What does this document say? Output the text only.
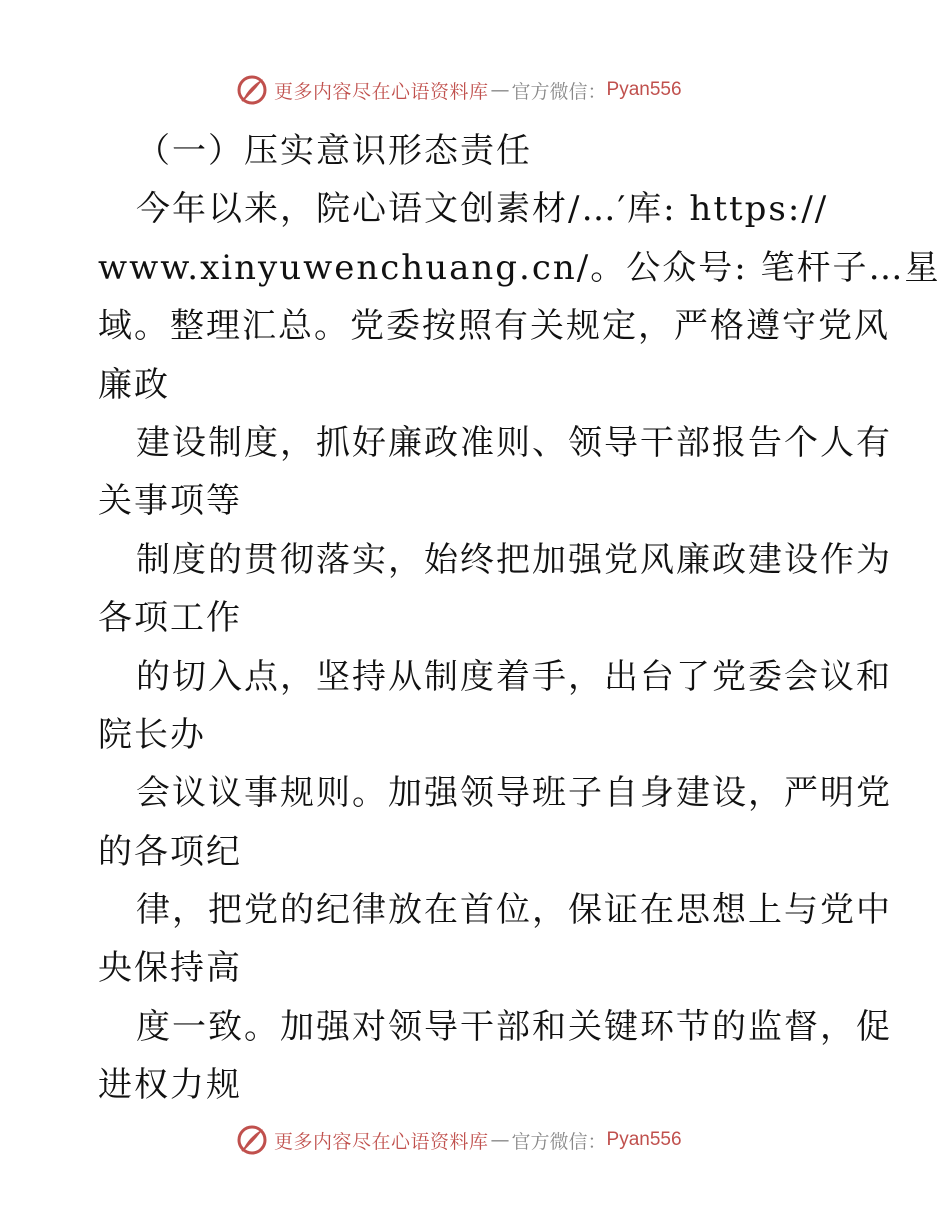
更多内容尽在心语资料库 — 官方微信： Pyan556
（一）压实意识形态责任
今年以来，院心语文创素材/…′库: https://
www.xinyuwenchuang.cn/。公众号: 笔杆子…星
域。整理汇总。党委按照有关规定，严格遵守党风
廉政
建设制度，抓好廉政准则、领导干部报告个人有
关事项等
制度的贯彻落实，始终把加强党风廉政建设作为
各项工作
的切入点，坚持从制度着手，出台了党委会议和
院长办
会议议事规则。加强领导班子自身建设，严明党
的各项纪
律，把党的纪律放在首位，保证在思想上与党中
央保持高
度一致。加强对领导干部和关键环节的监督，促
进权力规
更多内容尽在心语资料库 — 官方微信： Pyan556
